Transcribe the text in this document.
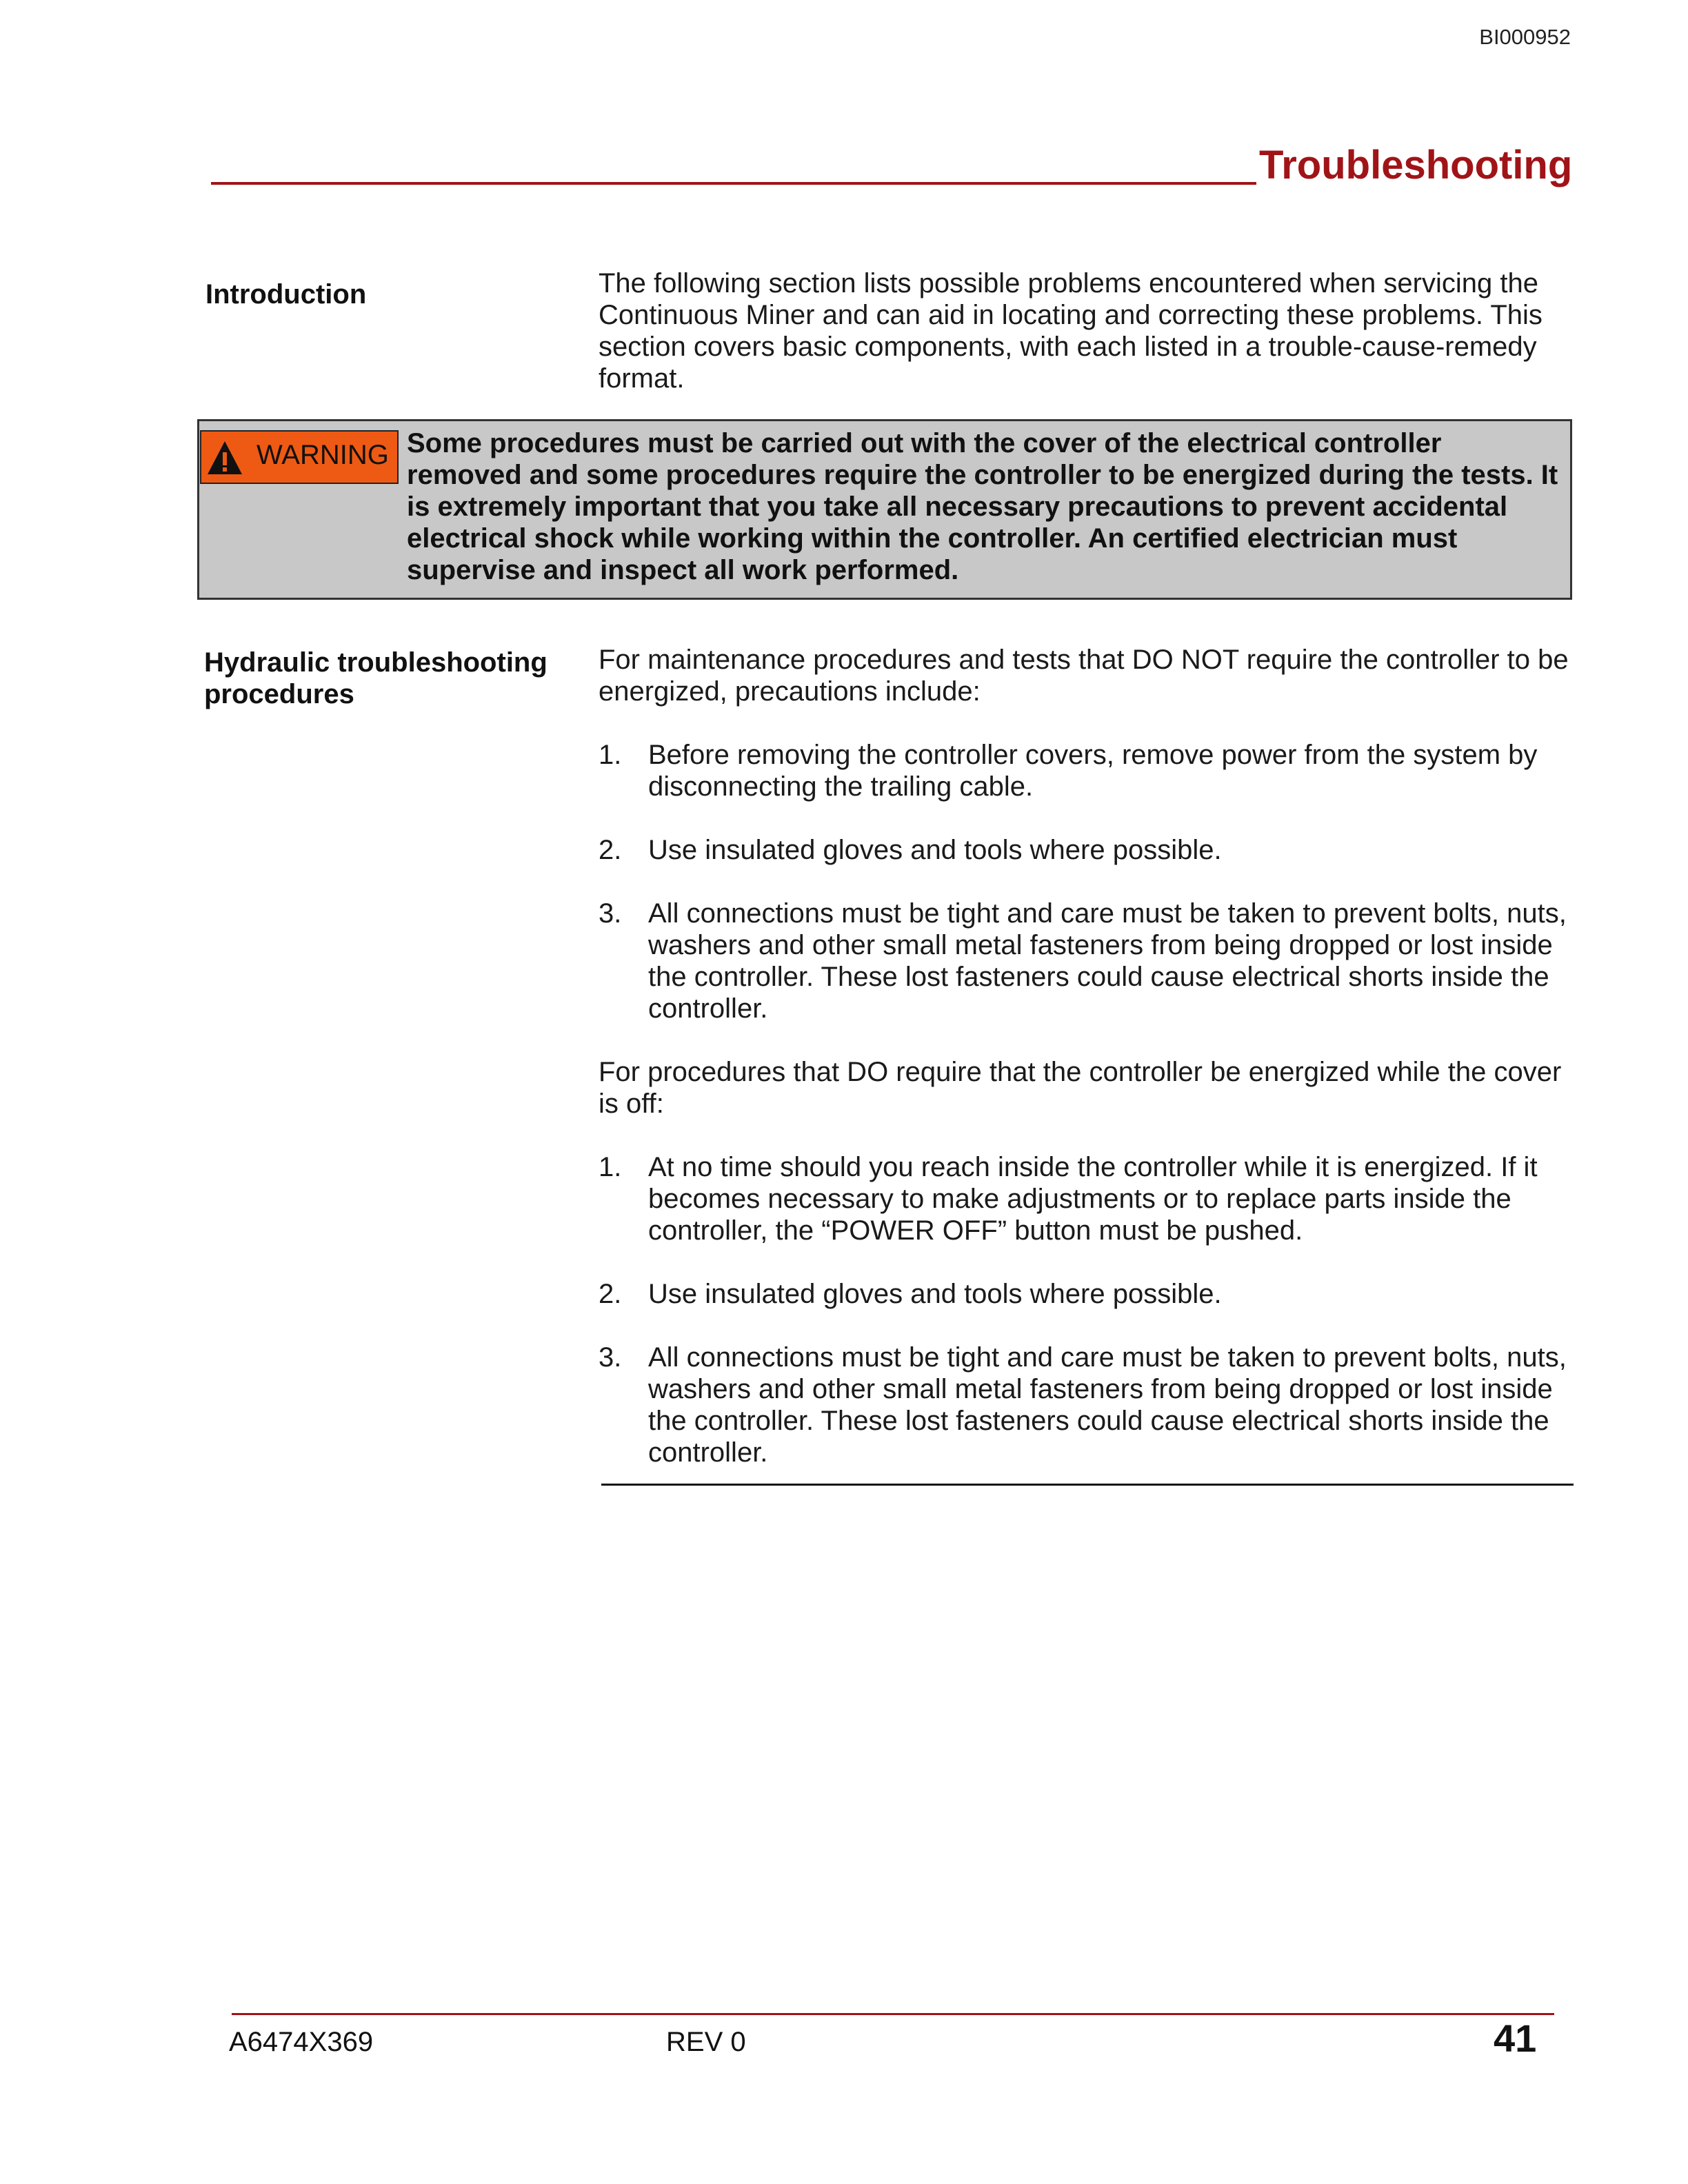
BI000952
Troubleshooting
Introduction	The following section lists possible problems encountered when servicing the Continuous Miner and can aid in locating and correcting these problems. This section covers basic components, with each listed in a trouble-cause-remedy format.

WARNING Some procedures must be carried out with the cover of the electrical controller removed and some procedures require the controller to be energized during the tests. It is extremely important that you take all necessary precautions to prevent accidental electrical shock while working within the controller. An certified electrician must supervise and inspect all work performed.
Hydraulic troubleshooting
procedures

For maintenance procedures and tests that DO NOT require the controller to be energized, precautions include:

1. Before removing the controller covers, remove power from the system by disconnecting the trailing cable.
2. Use insulated gloves and tools where possible.
3. All connections must be tight and care must be taken to prevent bolts, nuts, washers and other small metal fasteners from being dropped or lost inside the controller. These lost fasteners could cause electrical shorts inside the controller.

For procedures that DO require that the controller be energized while the cover is off:

1. At no time should you reach inside the controller while it is energized. If it becomes necessary to make adjustments or to replace parts inside the controller, the “POWER OFF” button must be pushed.
2. Use insulated gloves and tools where possible.
3. All connections must be tight and care must be taken to prevent bolts, nuts, washers and other small metal fasteners from being dropped or lost inside the controller. These lost fasteners could cause electrical shorts inside the controller.
A6474X369	REV 0	41
